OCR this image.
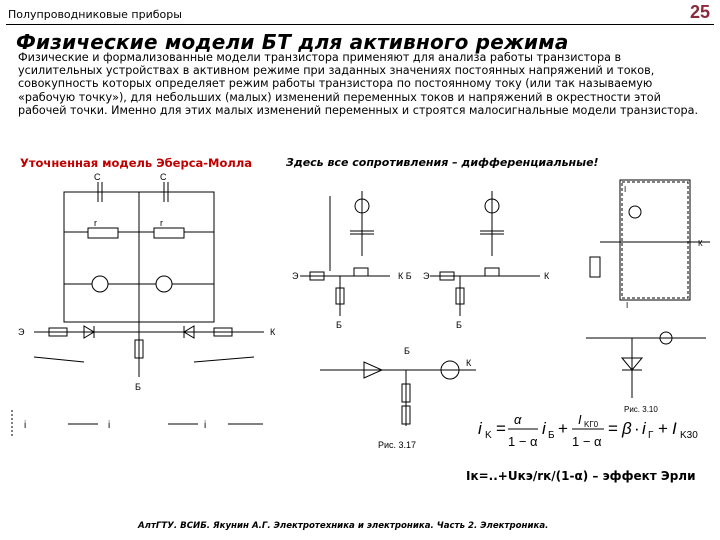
Полупроводниковые приборы	25
Физические модели БТ для активного режима
Физические и формализованные модели транзистора применяют для анализа работы транзистора в усилительных устройствах в активном режиме при заданных значениях постоянных напряжений и токов, совокупность которых определяет режим работы транзистора по постоянному току (или так называемую «рабочую точку»), для небольших (малых) изменений переменных токов и напряжений в окрестности этой рабочей точки. Именно для этих малых изменений переменных и строятся малосигнальные модели транзистора.
Уточненная модель Эберса-Молла	Здесь все сопротивления – дифференциальные!
Э	К
Б
C	C
r	r
Э	К Б Э	К
Б	Б
I
К
I
Рис. 3.10
Б
К
Рис. 3.17
i	i	i	i K = α
1 − α
i Б + I KГ0
1 − α
= β · i Г + I K30
Iк=..+Uкэ/rк/(1-α) – эффект Эрли
АлтГТУ. ВСИБ. Якунин А.Г. Электротехника и электроника. Часть 2. Электроника.
